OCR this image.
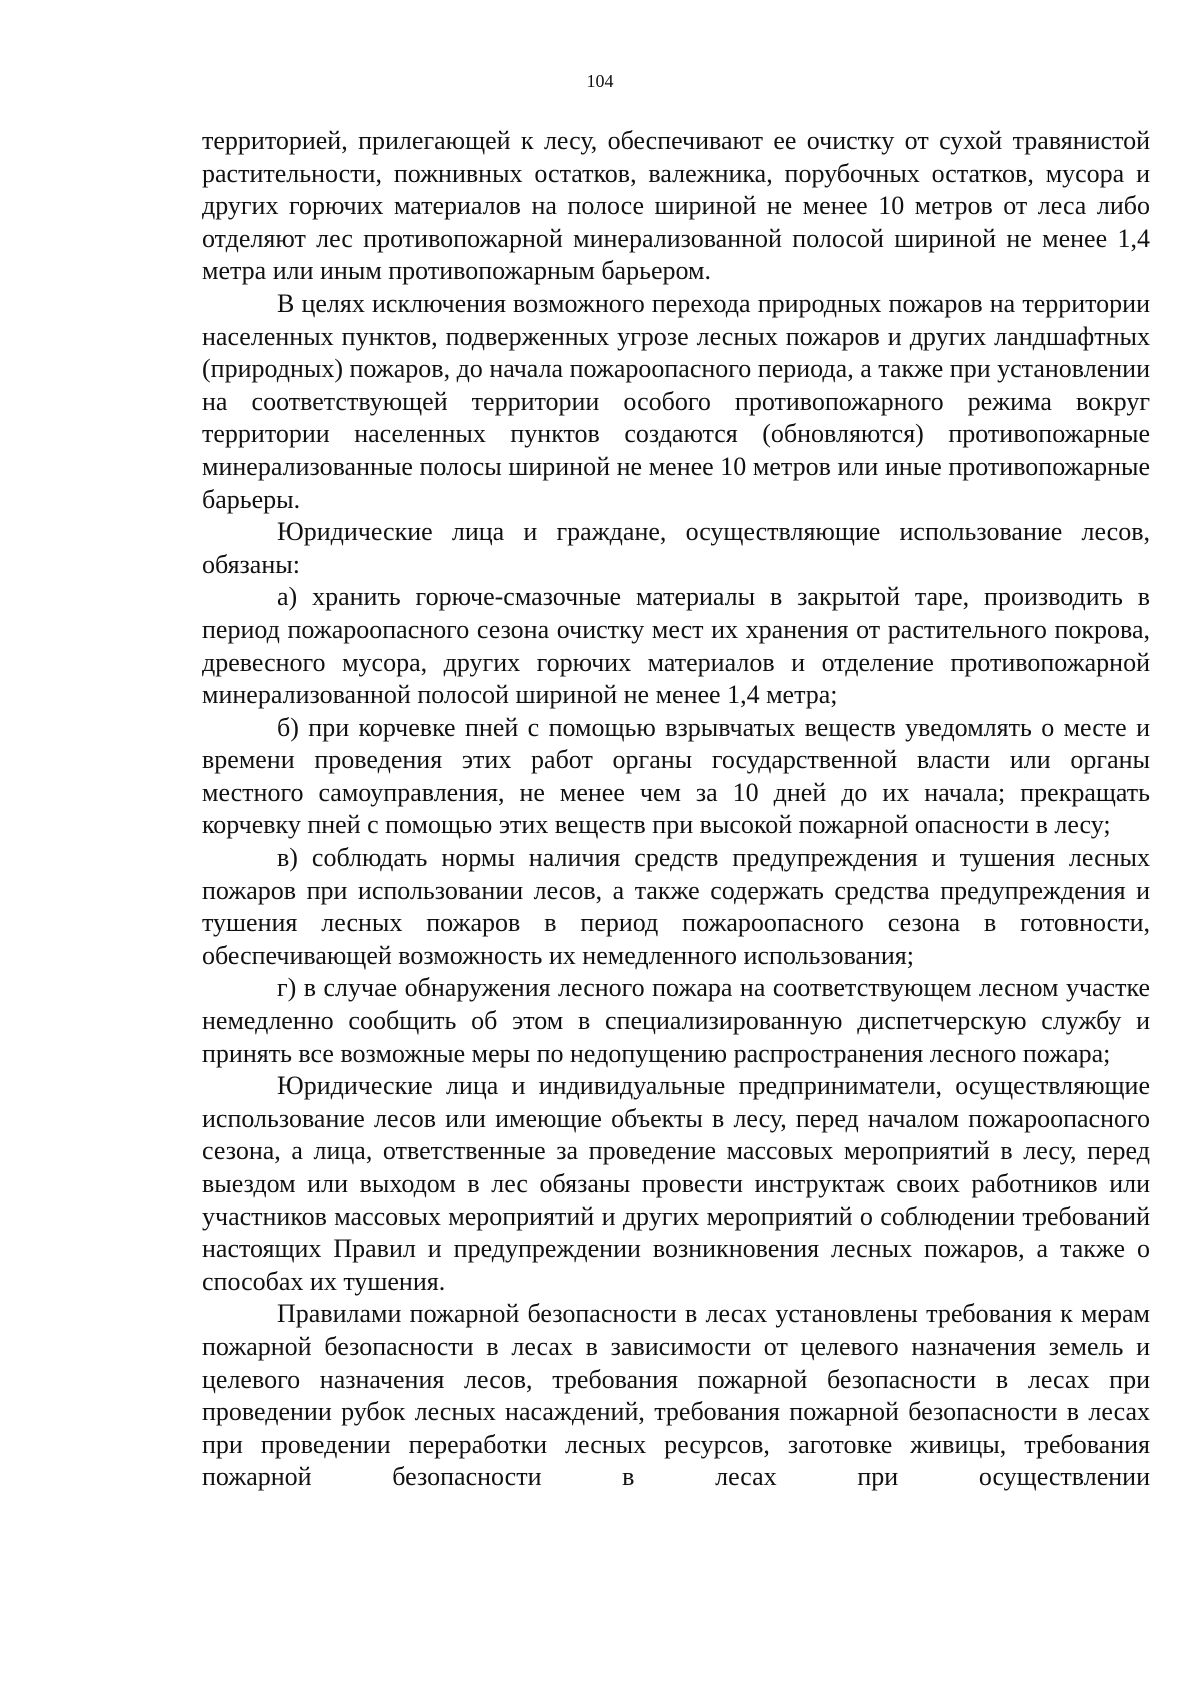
104

территорией, прилегающей к лесу, обеспечивают ее очистку от сухой травянистой растительности, пожнивных остатков, валежника, порубочных остатков, мусора и других горючих материалов на полосе шириной не менее 10 метров от леса либо отделяют лес противопожарной минерализованной полосой шириной не менее 1,4 метра или иным противопожарным барьером.

В целях исключения возможного перехода природных пожаров на территории населенных пунктов, подверженных угрозе лесных пожаров и других ландшафтных (природных) пожаров, до начала пожароопасного периода, а также при установлении на соответствующей территории особого противопожарного режима вокруг территории населенных пунктов создаются (обновляются) противопожарные минерализованные полосы шириной не менее 10 метров или иные противопожарные барьеры.

Юридические лица и граждане, осуществляющие использование лесов, обязаны:

а) хранить горюче-смазочные материалы в закрытой таре, производить в период пожароопасного сезона очистку мест их хранения от растительного покрова, древесного мусора, других горючих материалов и отделение противопожарной минерализованной полосой шириной не менее 1,4 метра;

б) при корчевке пней с помощью взрывчатых веществ уведомлять о месте и времени проведения этих работ органы государственной власти или органы местного самоуправления, не менее чем за 10 дней до их начала; прекращать корчевку пней с помощью этих веществ при высокой пожарной опасности в лесу;

в) соблюдать нормы наличия средств предупреждения и тушения лесных пожаров при использовании лесов, а также содержать средства предупреждения и тушения лесных пожаров в период пожароопасного сезона в готовности, обеспечивающей возможность их немедленного использования;

г) в случае обнаружения лесного пожара на соответствующем лесном участке немедленно сообщить об этом в специализированную диспетчерскую службу и принять все возможные меры по недопущению распространения лесного пожара;

Юридические лица и индивидуальные предприниматели, осуществляющие использование лесов или имеющие объекты в лесу, перед началом пожароопасного сезона, а лица, ответственные за проведение массовых мероприятий в лесу, перед выездом или выходом в лес обязаны провести инструктаж своих работников или участников массовых мероприятий и других мероприятий о соблюдении требований настоящих Правил и предупреждении возникновения лесных пожаров, а также о способах их тушения.

Правилами пожарной безопасности в лесах установлены требования к мерам пожарной безопасности в лесах в зависимости от целевого назначения земель и целевого назначения лесов, требования пожарной безопасности в лесах при проведении рубок лесных насаждений, требования пожарной безопасности в лесах при проведении переработки лесных ресурсов, заготовке живицы, требования пожарной безопасности в лесах при осуществлении
